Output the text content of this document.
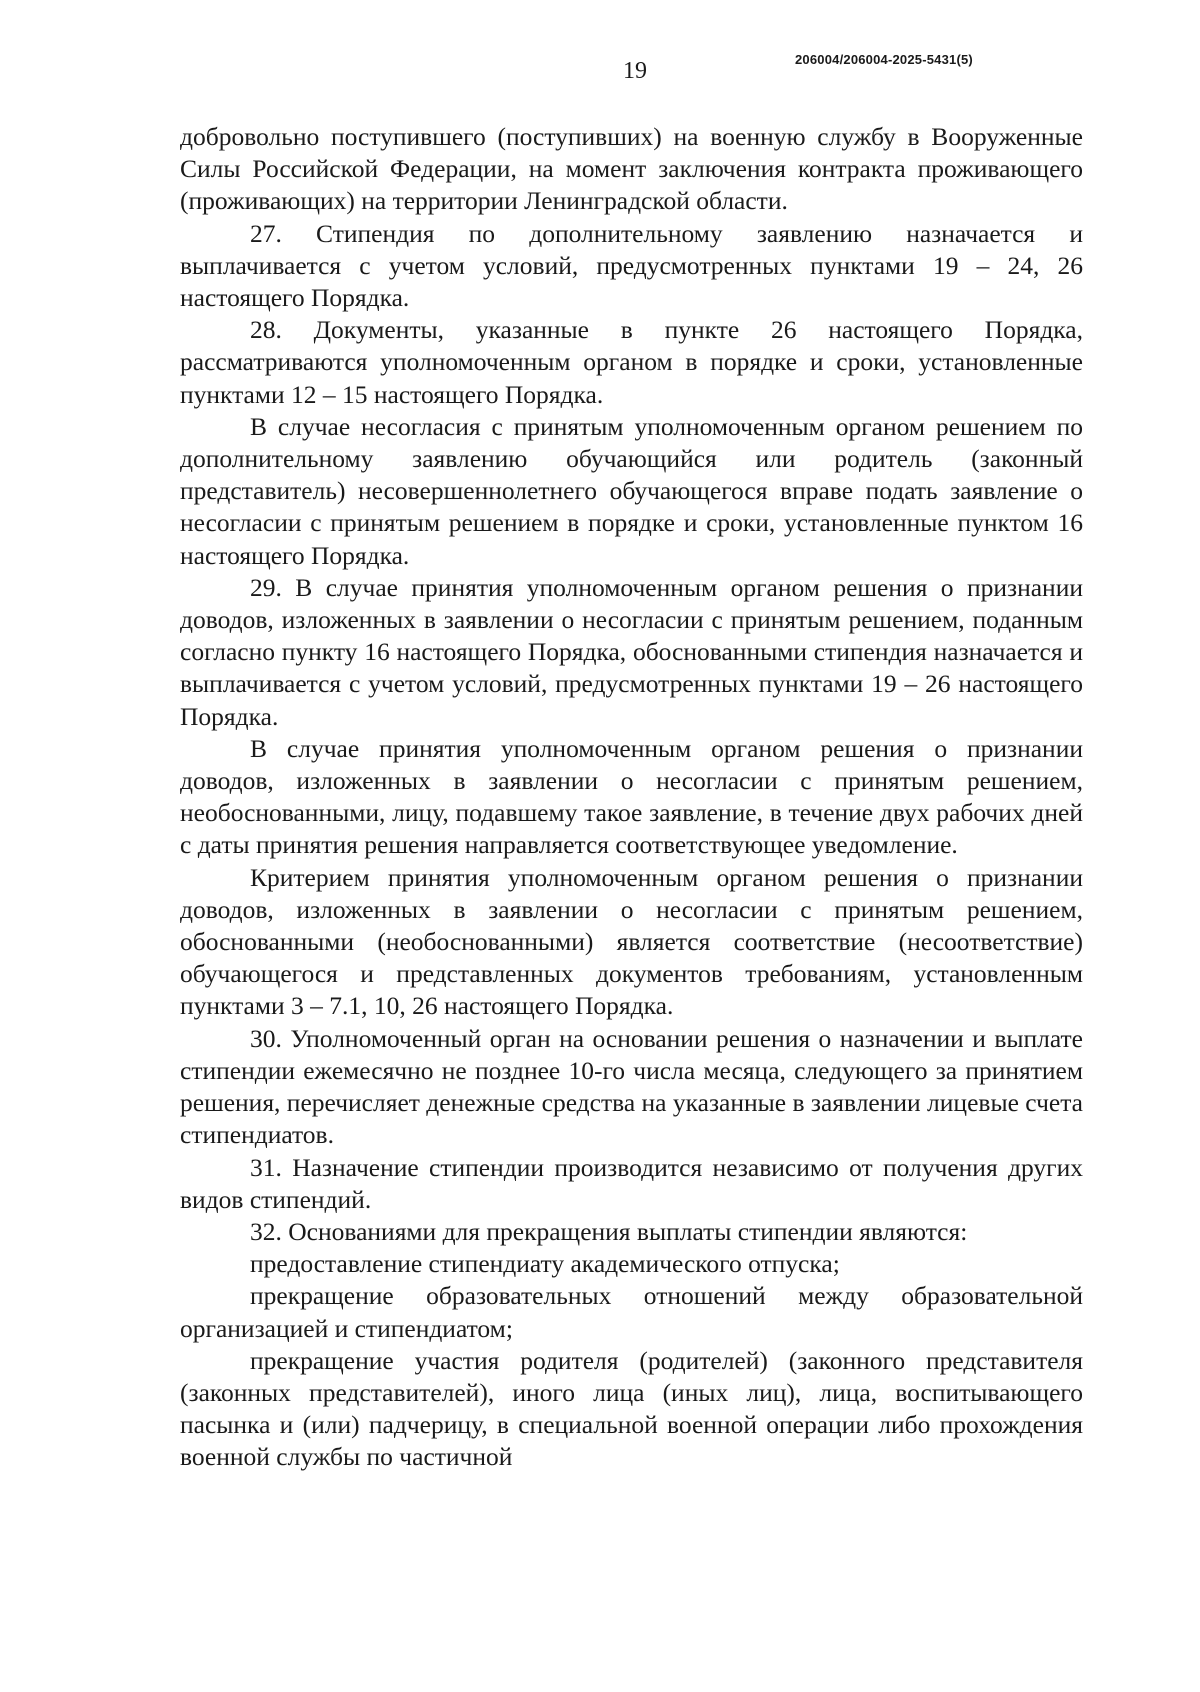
19	206004/206004-2025-5431(5)

добровольно поступившего (поступивших) на военную службу в Вооруженные Силы Российской Федерации, на момент заключения контракта проживающего (проживающих) на территории Ленинградской области.

27. Стипендия по дополнительному заявлению назначается и выплачивается с учетом условий, предусмотренных пунктами 19 – 24, 26 настоящего Порядка.

28. Документы, указанные в пункте 26 настоящего Порядка, рассматриваются уполномоченным органом в порядке и сроки, установленные пунктами 12 – 15 настоящего Порядка.

В случае несогласия с принятым уполномоченным органом решением по дополнительному заявлению обучающийся или родитель (законный представитель) несовершеннолетнего обучающегося вправе подать заявление о несогласии с принятым решением в порядке и сроки, установленные пунктом 16 настоящего Порядка.

29. В случае принятия уполномоченным органом решения о признании доводов, изложенных в заявлении о несогласии с принятым решением, поданным согласно пункту 16 настоящего Порядка, обоснованными стипендия назначается и выплачивается с учетом условий, предусмотренных пунктами 19 – 26 настоящего Порядка.

В случае принятия уполномоченным органом решения о признании доводов, изложенных в заявлении о несогласии с принятым решением, необоснованными, лицу, подавшему такое заявление, в течение двух рабочих дней с даты принятия решения направляется соответствующее уведомление.

Критерием принятия уполномоченным органом решения о признании доводов, изложенных в заявлении о несогласии с принятым решением, обоснованными (необоснованными) является соответствие (несоответствие) обучающегося и представленных документов требованиям, установленным пунктами 3 – 7.1, 10, 26 настоящего Порядка.

30. Уполномоченный орган на основании решения о назначении и выплате стипендии ежемесячно не позднее 10-го числа месяца, следующего за принятием решения, перечисляет денежные средства на указанные в заявлении лицевые счета стипендиатов.

31. Назначение стипендии производится независимо от получения других видов стипендий.

32. Основаниями для прекращения выплаты стипендии являются:

предоставление стипендиату академического отпуска;

прекращение образовательных отношений между образовательной организацией и стипендиатом;

прекращение участия родителя (родителей) (законного представителя (законных представителей), иного лица (иных лиц), лица, воспитывающего пасынка и (или) падчерицу, в специальной военной операции либо прохождения военной службы по частичной
